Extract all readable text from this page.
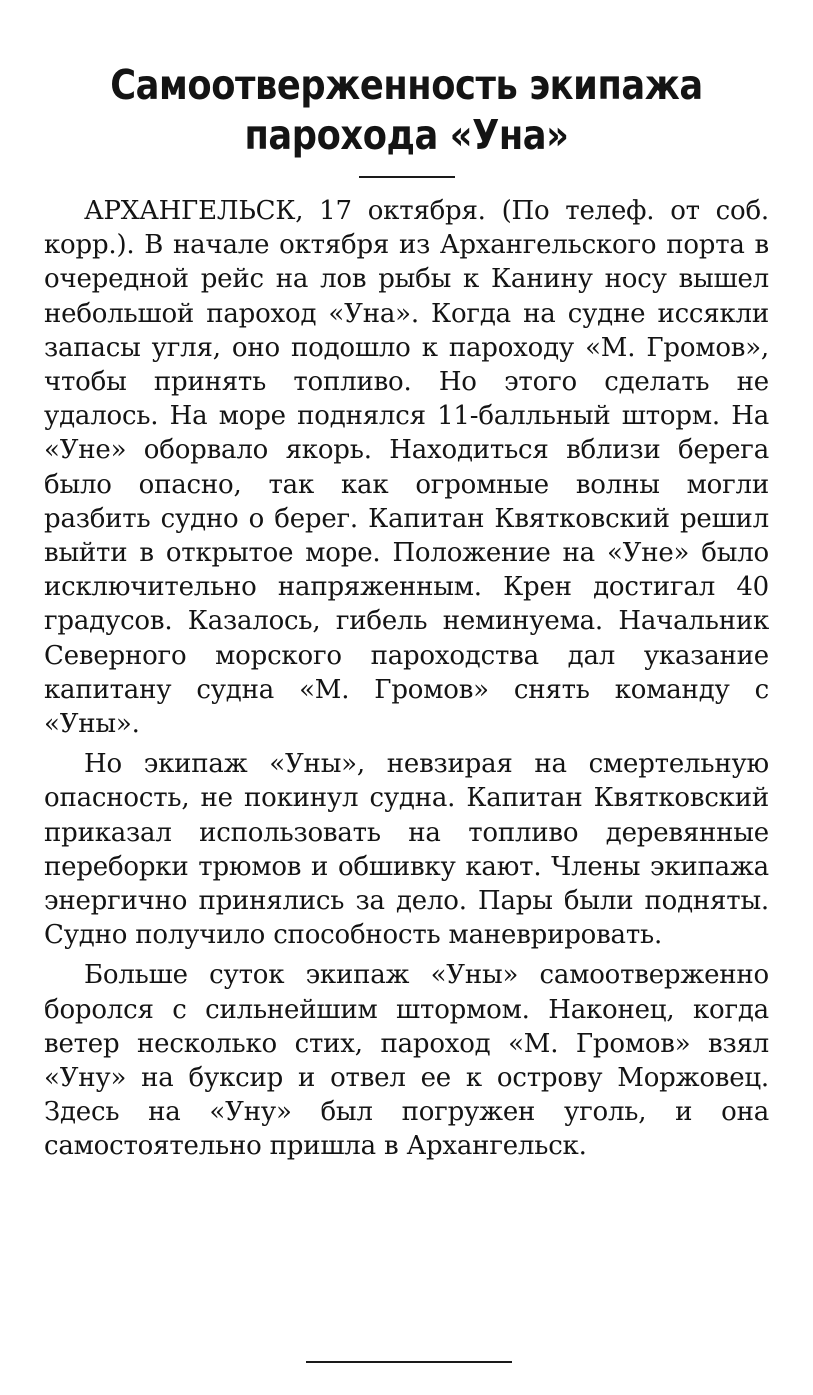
Самоотверженность экипажа
парохода «Уна»

АРХАНГЕЛЬСК, 17 октября. (По телеф. от соб. корр.). В начале октября из Архангельского порта в очередной рейс на лов рыбы к Канину носу вышел небольшой пароход «Уна». Когда на судне иссякли запасы угля, оно подошло к пароходу «М. Громов», чтобы принять топливо. Но этого сделать не удалось. На море поднялся 11-балльный шторм. На «Уне» оборвало якорь. Находиться вблизи берега было опасно, так как огромные волны могли разбить судно о берег. Капитан Квятковский решил выйти в открытое море. Положение на «Уне» было исключительно напряженным. Крен достигал 40 градусов. Казалось, гибель неминуема. Начальник Северного морского пароходства дал указание капитану судна «М. Громов» снять команду с «Уны».

Но экипаж «Уны», невзирая на смертельную опасность, не покинул судна. Капитан Квятковский приказал использовать на топливо деревянные переборки трюмов и обшивку кают. Члены экипажа энергично принялись за дело. Пары были подняты. Судно получило способность маневрировать.

Больше суток экипаж «Уны» самоотверженно боролся с сильнейшим штормом. Наконец, когда ветер несколько стих, пароход «М. Громов» взял «Уну» на буксир и отвел ее к острову Моржовец. Здесь на «Уну» был погружен уголь, и она самостоятельно пришла в Архангельск.
